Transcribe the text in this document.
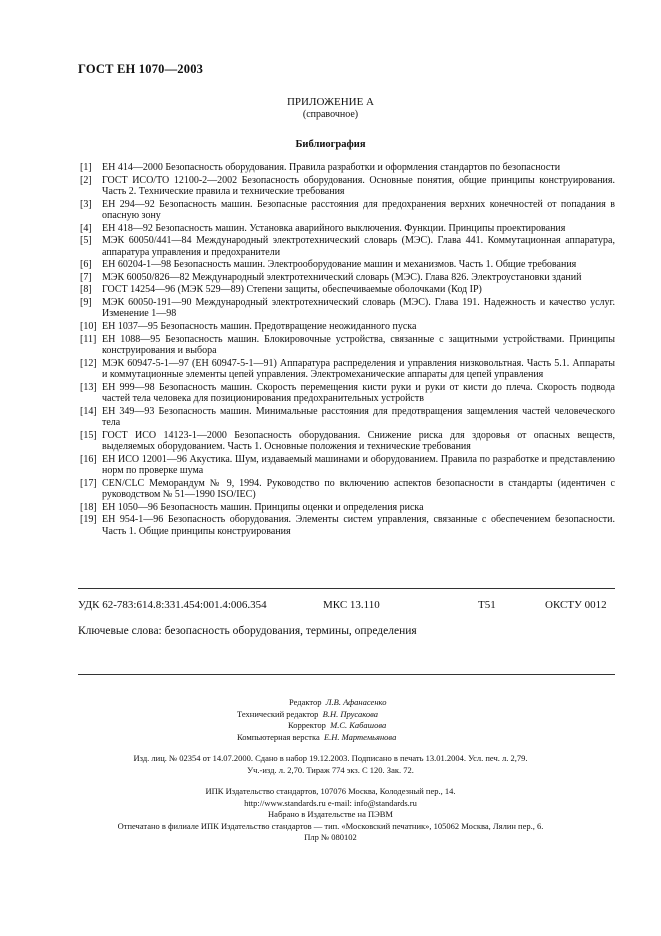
ГОСТ ЕН 1070—2003
ПРИЛОЖЕНИЕ А
(справочное)
Библиография
[1]	ЕН 414—2000 Безопасность оборудования. Правила разработки и оформления стандартов по безопасности
[2]	ГОСТ ИСО/ТО 12100-2—2002 Безопасность оборудования. Основные понятия, общие принципы конструирования. Часть 2. Технические правила и технические требования
[3]	ЕН 294—92 Безопасность машин. Безопасные расстояния для предохранения верхних конечностей от попадания в опасную зону
[4]	ЕН 418—92 Безопасность машин. Установка аварийного выключения. Функции. Принципы проектирования
[5]	МЭК 60050/441—84 Международный электротехнический словарь (МЭС). Глава 441. Коммутационная аппаратура, аппаратура управления и предохранители
[6]	ЕН 60204-1—98 Безопасность машин. Электрооборудование машин и механизмов. Часть 1. Общие требования
[7]	МЭК 60050/826—82 Международный электротехнический словарь (МЭС). Глава 826. Электроустановки зданий
[8]	ГОСТ 14254—96 (МЭК 529—89) Степени защиты, обеспечиваемые оболочками (Код IP)
[9]	МЭК 60050-191—90 Международный электротехнический словарь (МЭС). Глава 191. Надежность и качество услуг. Изменение 1—98
[10] ЕН 1037—95 Безопасность машин. Предотвращение неожиданного пуска
[11] ЕН 1088—95 Безопасность машин. Блокировочные устройства, связанные с защитными устройствами. Принципы конструирования и выбора
[12] МЭК 60947-5-1—97 (ЕН 60947-5-1—91) Аппаратура распределения и управления низковольтная. Часть 5.1. Аппараты и коммутационные элементы цепей управления. Электромеханические аппараты для цепей управления
[13] ЕН 999—98 Безопасность машин. Скорость перемещения кисти руки и руки от кисти до плеча. Скорость подвода частей тела человека для позиционирования предохранительных устройств
[14] ЕН 349—93 Безопасность машин. Минимальные расстояния для предотвращения защемления частей человеческого тела
[15] ГОСТ ИСО 14123-1—2000 Безопасность оборудования. Снижение риска для здоровья от опасных веществ, выделяемых оборудованием. Часть 1. Основные положения и технические требования
[16] ЕН ИСО 12001—96 Акустика. Шум, издаваемый машинами и оборудованием. Правила по разработке и представлению норм по проверке шума
[17] CEN/CLC Меморандум № 9, 1994. Руководство по включению аспектов безопасности в стандарты (идентичен с руководством № 51—1990 ISO/IEC)
[18] ЕН 1050—96 Безопасность машин. Принципы оценки и определения риска
[19] ЕН 954-1—96 Безопасность оборудования. Элементы систем управления, связанные с обеспечением безопасности. Часть 1. Общие принципы конструирования
УДК 62-783:614.8:331.454:001.4:006.354	МКС 13.110	Т51	ОКСТУ 0012
Ключевые слова: безопасность оборудования, термины, определения
Редактор Л.В. Афанасенко
Технический редактор В.Н. Прусакова
Корректор М.С. Кабашова
Компьютерная верстка Е.Н. Мартемьянова
Изд. лиц. № 02354 от 14.07.2000. Сдано в набор 19.12.2003. Подписано в печать 13.01.2004. Усл. печ. л. 2,79.
Уч.-изд. л. 2,70. Тираж 774 экз. С 120. Зак. 72.
ИПК Издательство стандартов, 107076 Москва, Колодезный пер., 14.
http://www.standards.ru e-mail: info@standards.ru
Набрано в Издательстве на ПЭВМ
Отпечатано в филиале ИПК Издательство стандартов — тип. «Московский печатник», 105062 Москва, Лялин пер., 6.
Плр № 080102
